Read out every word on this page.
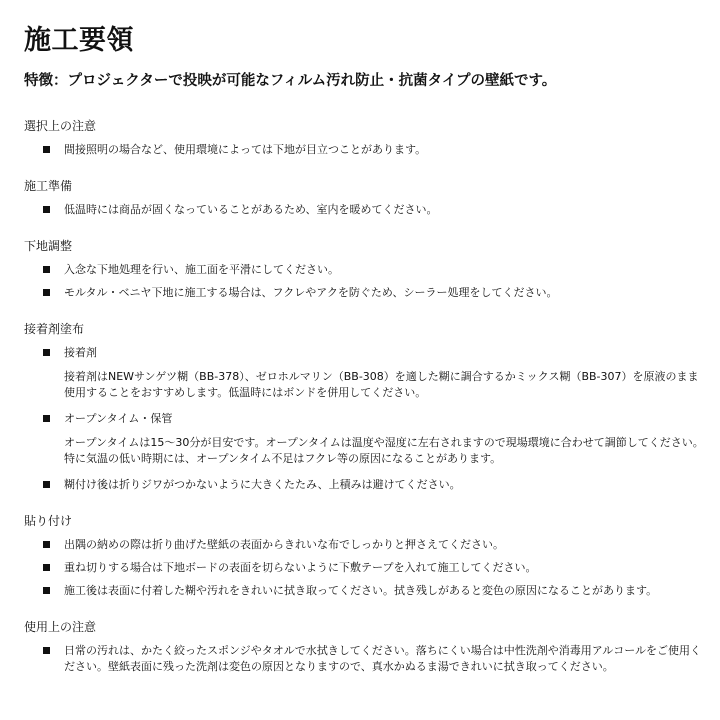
施工要領
特徴：プロジェクターで投映が可能なフィルム汚れ防止・抗菌タイプの壁紙です。
選択上の注意
間接照明の場合など、使用環境によっては下地が目立つことがあります。
施工準備
低温時には商品が固くなっていることがあるため、室内を暖めてください。
下地調整
入念な下地処理を行い、施工面を平滑にしてください。
モルタル・ベニヤ下地に施工する場合は、フクレやアクを防ぐため、シーラー処理をしてください。
接着剤塗布
接着剤
接着剤はNEWサンゲツ糊（BB-378）、ゼロホルマリン（BB-308）を適した糊に調合するかミックス糊（BB-307）を原液のまま使用することをおすすめします。低温時にはボンドを併用してください。
オープンタイム・保管
オープンタイムは15～30分が目安です。オープンタイムは温度や湿度に左右されますので現場環境に合わせて調節してください。特に気温の低い時期には、オープンタイム不足はフクレ等の原因になることがあります。
糊付け後は折りジワがつかないように大きくたたみ、上積みは避けてください。
貼り付け
出隅の納めの際は折り曲げた壁紙の表面からきれいな布でしっかりと押さえてください。
重ね切りする場合は下地ボードの表面を切らないように下敷テープを入れて施工してください。
施工後は表面に付着した糊や汚れをきれいに拭き取ってください。拭き残しがあると変色の原因になることがあります。
使用上の注意
日常の汚れは、かたく絞ったスポンジやタオルで水拭きしてください。落ちにくい場合は中性洗剤や消毒用アルコールをご使用ください。壁紙表面に残った洗剤は変色の原因となりますので、真水かぬるま湯できれいに拭き取ってください。
